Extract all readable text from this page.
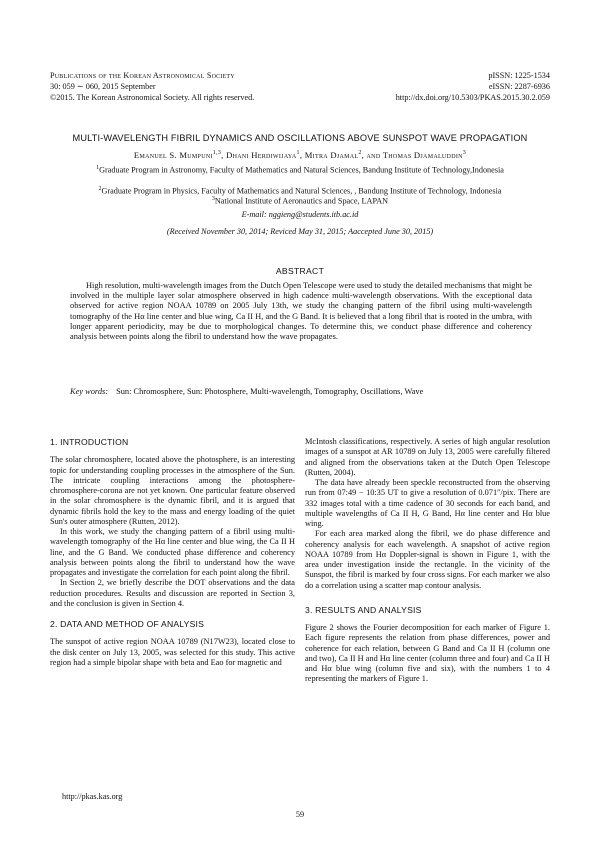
Publications of the Korean Astronomical Society	pISSN: 1225-1534
30: 059 ∼ 060, 2015 September	eISSN: 2287-6936
©2015. The Korean Astronomical Society. All rights reserved.	http://dx.doi.org/10.5303/PKAS.2015.30.2.059
MULTI-WAVELENGTH FIBRIL DYNAMICS AND OSCILLATIONS ABOVE SUNSPOT WAVE PROPAGATION
Emanuel S. Mumpuni$^{1,3}$, Dhani Herdiwijaya$^1$, Mitra Djamal$^2$, and Thomas Djamaluddin$^3$
$^1$Graduate Program in Astronomy, Faculty of Mathematics and Natural Sciences, Bandung Institute of Technology,Indonesia
$^2$Graduate Program in Physics, Faculty of Mathematics and Natural Sciences, , Bandung Institute of Technology, Indonesia
$^3$National Institute of Aeronautics and Space, LAPAN
E-mail: nggieng@students.itb.ac.id
(Received November 30, 2014; Reviced May 31, 2015; Aaccepted June 30, 2015)
ABSTRACT
High resolution, multi-wavelength images from the Dutch Open Telescope were used to study the detailed mechanisms that might be involved in the multiple layer solar atmosphere observed in high cadence multi-wavelength observations. With the exceptional data observed for active region NOAA 10789 on 2005 July 13th, we study the changing pattern of the fibril using multi-wavelength tomography of the Hα line center and blue wing, Ca II H, and the G Band. It is believed that a long fibril that is rooted in the umbra, with longer apparent periodicity, may be due to morphological changes. To determine this, we conduct phase difference and coherency analysis between points along the fibril to understand how the wave propagates.
Key words: Sun: Chromosphere, Sun: Photosphere, Multi-wavelength, Tomography, Oscillations, Wave
1. INTRODUCTION

The solar chromosphere, located above the photosphere, is an interesting topic for understanding coupling processes in the atmosphere of the Sun. The intricate coupling interactions among the photosphere-chromosphere-corona are not yet known. One particular feature observed in the solar chromosphere is the dynamic fibril, and it is argued that dynamic fibrils hold the key to the mass and energy loading of the quiet Sun's outer atmosphere (Rutten, 2012).

In this work, we study the changing pattern of a fibril using multi-wavelength tomography of the Hα line center and blue wing, the Ca II H line, and the G Band. We conducted phase difference and coherency analysis between points along the fibril to understand how the wave propagates and investigate the correlation for each point along the fibril.

In Section 2, we briefly describe the DOT observations and the data reduction procedures. Results and discussion are reported in Section 3, and the conclusion is given in Section 4.

2. DATA AND METHOD OF ANALYSIS

The sunspot of active region NOAA 10789 (N17W23), located close to the disk center on July 13, 2005, was selected for this study. This active region had a simple bipolar shape with beta and Eao for magnetic and

McIntosh classifications, respectively. A series of high angular resolution images of a sunspot at AR 10789 on July 13, 2005 were carefully filtered and aligned from the observations taken at the Dutch Open Telescope (Rutten, 2004).

The data have already been speckle reconstructed from the observing run from 07:49 − 10:35 UT to give a resolution of 0.071″/pix. There are 332 images total with a time cadence of 30 seconds for each band, and multiple wavelengths of Ca II H, G Band, Hα line center and Hα blue wing.

For each area marked along the fibril, we do phase difference and coherency analysis for each wavelength. A snapshot of active region NOAA 10789 from Hα Doppler-signal is shown in Figure 1, with the area under investigation inside the rectangle. In the vicinity of the Sunspot, the fibril is marked by four cross signs. For each marker we also do a correlation using a scatter map contour analysis.

3. RESULTS AND ANALYSIS

Figure 2 shows the Fourier decomposition for each marker of Figure 1. Each figure represents the relation from phase differences, power and coherence for each relation, between G Band and Ca II H (column one and two), Ca II H and Hα line center (column three and four) and Ca II H and Hα blue wing (column five and six), with the numbers 1 to 4 representing the markers of Figure 1.

http://pkas.kas.org
59
